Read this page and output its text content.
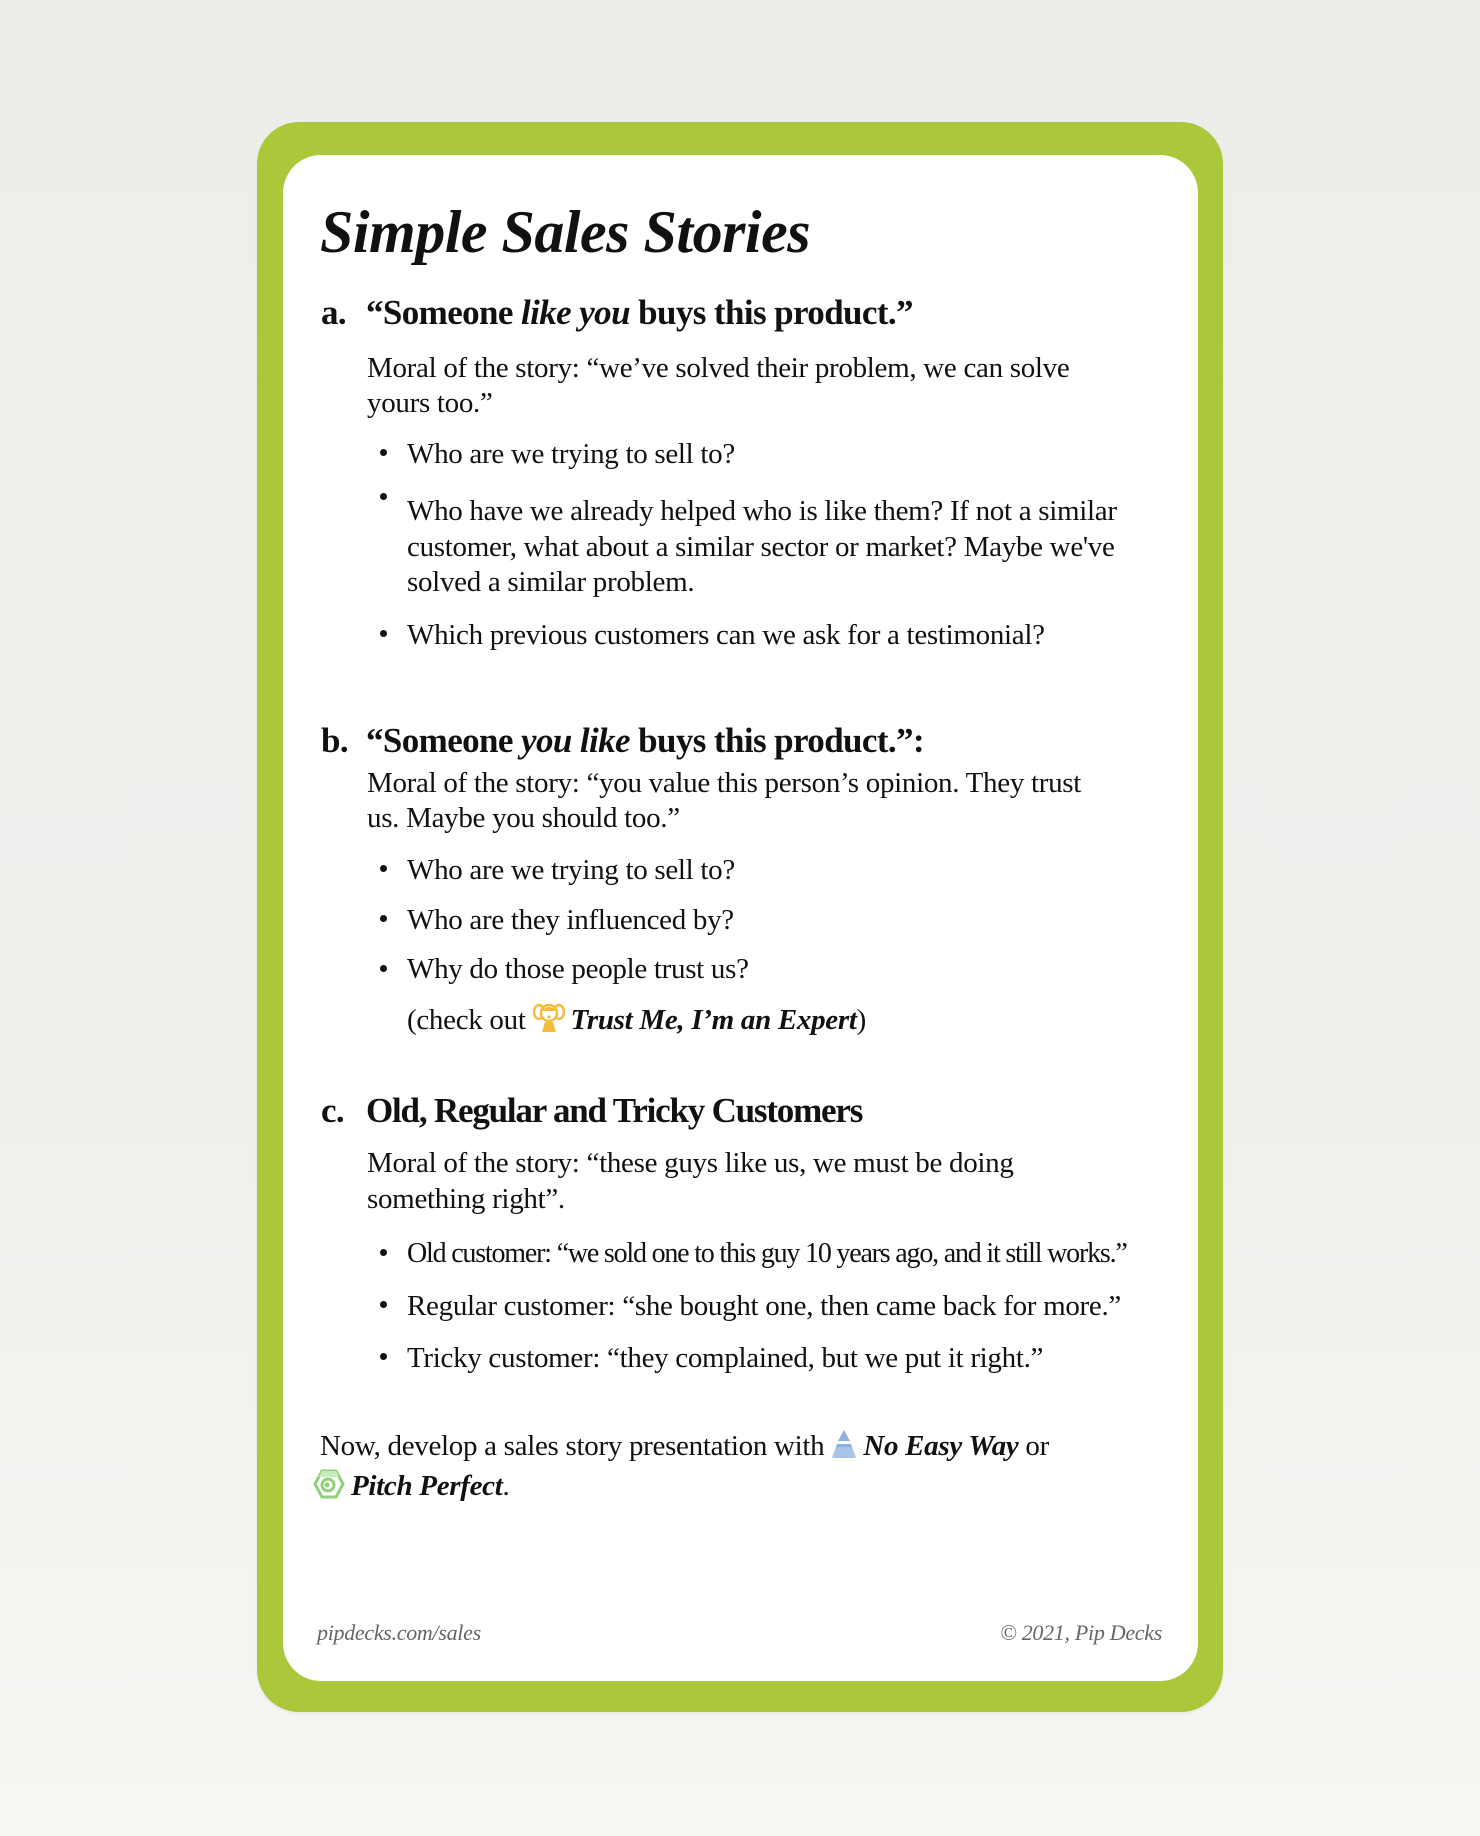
Simple Sales Stories
a. “Someone like you buys this product.”
Moral of the story: “we’ve solved their problem, we can solve
yours too.”
Who are we trying to sell to?
Who have we already helped who is like them? If not a similar
customer, what about a similar sector or market? Maybe we've
solved a similar problem.
Which previous customers can we ask for a testimonial?
b. “Someone you like buys this product.”:
Moral of the story: “you value this person’s opinion. They trust
us. Maybe you should too.”
Who are we trying to sell to?
Who are they influenced by?
Why do those people trust us?
(check out Trust Me, I’m an Expert)
c. Old, Regular and Tricky Customers
Moral of the story: “these guys like us, we must be doing
something right”.
Old customer: “we sold one to this guy 10 years ago, and it still works.”
Regular customer: “she bought one, then came back for more.”
Tricky customer: “they complained, but we put it right.”
Now, develop a sales story presentation with No Easy Way or
Pitch Perfect.
pipdecks.com/sales	© 2021, Pip Decks
